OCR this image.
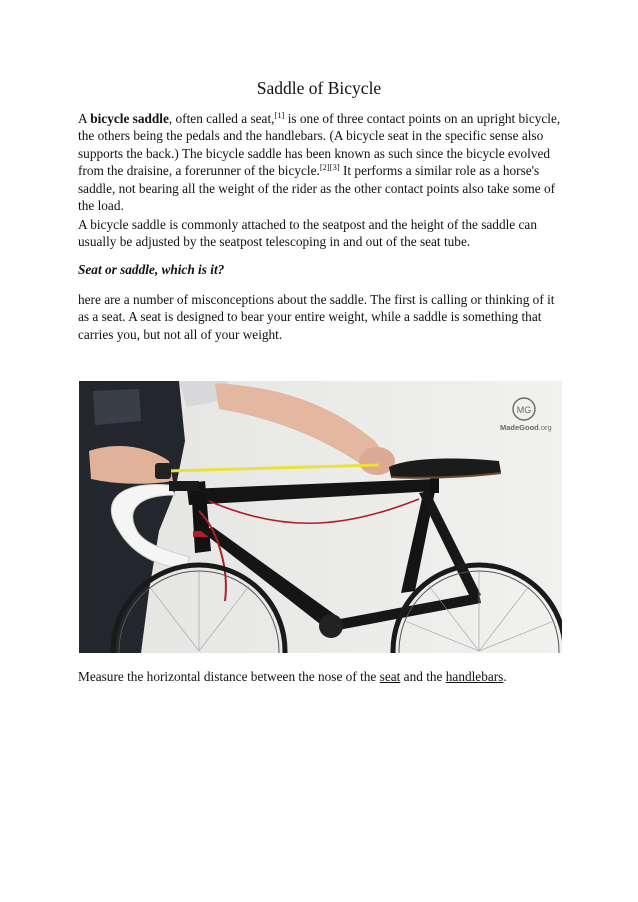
Saddle of Bicycle

A bicycle saddle, often called a seat,[1] is one of three contact points on an upright bicycle, the others being the pedals and the handlebars. (A bicycle seat in the specific sense also supports the back.) The bicycle saddle has been known as such since the bicycle evolved from the draisine, a forerunner of the bicycle.[2][3] It performs a similar role as a horse's saddle, not bearing all the weight of the rider as the other contact points also take some of the load.

A bicycle saddle is commonly attached to the seatpost and the height of the saddle can usually be adjusted by the seatpost telescoping in and out of the seat tube.

Seat or saddle, which is it?

here are a number of misconceptions about the saddle. The first is calling or thinking of it as a seat. A seat is designed to bear your entire weight, while a saddle is something that carries you, but not all of your weight.

MG
MadeGood.org

Measure the horizontal distance between the nose of the seat and the handlebars.
